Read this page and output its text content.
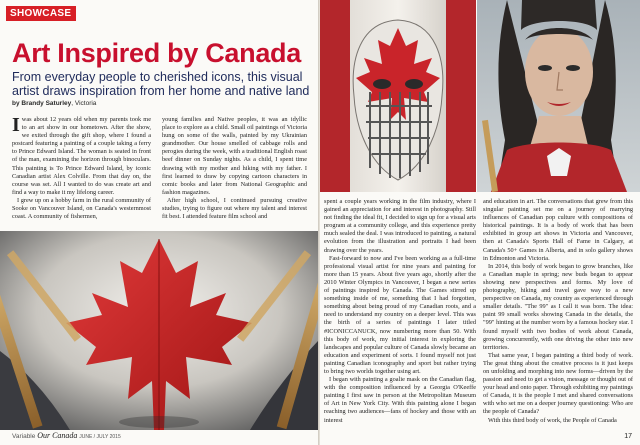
SHOWCASE
Art Inspired by Canada

From everyday people to cherished icons, this visual artist draws inspiration from her home and native land

by Brandy Saturley, Victoria

I was about 12 years old when my parents took me to an art show in our hometown. After the show, we exited through the gift shop, where I found a postcard featuring a painting of a couple taking a ferry to Prince Edward Island. The woman is seated in front of the man, examining the horizon through binoculars. This painting is To Prince Edward Island, by iconic Canadian artist Alex Colville. From that day on, the course was set. All I wanted to do was create art and find a way to make it my lifelong career.

I grew up on a hobby farm in the rural community of Sooke on Vancouver Island, on Canada's westernmost coast. A community of fishermen,

young families and Native peoples, it was an idyllic place to explore as a child. Small oil paintings of Victoria hung on some of the walls, painted by my Ukrainian grandmother. Our house smelled of cabbage rolls and perogies during the week, with a traditional English roast beef dinner on Sunday nights. As a child, I spent time drawing with my mother and hiking with my father. I first learned to draw by copying cartoon characters in comic books and later from National Geographic and fashion magazines.

After high school, I continued pursuing creative studies, trying to figure out where my talent and interest fit best. I attended feature film school and

Variable Our Canada JUNE / JULY 2015

spent a couple years working in the film industry, where I gained an appreciation for and interest in photography. Still not finding the ideal fit, I decided to sign up for a visual arts program at a community college, and this experience pretty much sealed the deal. I was introduced to painting, a natural evolution from the illustration and portraits I had been drawing over the years.

Fast-forward to now and I've been working as a full-time professional visual artist for nine years and painting for more than 15 years. About five years ago, shortly after the 2010 Winter Olympics in Vancouver, I began a new series of paintings inspired by Canada. The Games stirred up something inside of me, something that I had forgotten, something about being proud of my Canadian roots, and a need to understand my country on a deeper level. This was the birth of a series of paintings I later titled #ICONICCANUCK, now numbering more than 50. With this body of work, my initial interest in exploring the landscapes and popular culture of Canada slowly became an education and experiment of sorts. I found myself not just painting Canadian iconography and sport but rather trying to bring two worlds together using art.

I began with painting a goalie mask on the Canadian flag, with the composition influenced by a Georgia O'Keeffe painting I first saw in person at the Metropolitan Museum of Art in New York City. With this painting alone I began reaching two audiences—fans of hockey and those with an interest

and education in art. The conversations that grew from this singular painting set me on a journey of marrying influences of Canadian pop culture with compositions of historical paintings. It is a body of work that has been exhibited in group art shows in Victoria and Vancouver, then at Canada's Sports Hall of Fame in Calgary, at Canada's 50+ Games in Alberta, and in solo gallery shows in Edmonton and Victoria.

In 2014, this body of work began to grow branches, like a Canadian maple in spring; new buds began to appear showing new perspectives and forms. My love of photography, hiking and travel gave way to a new perspective on Canada, my country as experienced through smaller details. "The 99" as I call it was born. The idea: paint 99 small works showing Canada in the details, the "99" hinting at the number worn by a famous hockey star. I found myself with two bodies of work about Canada, growing concurrently, with one driving the other into new territories.

That same year, I began painting a third body of work. The great thing about the creative process is it just keeps on unfolding and morphing into new forms—driven by the passion and need to get a vision, message or thought out of your head and onto paper. Through exhibiting my paintings of Canada, it is the people I met and shared conversations with who set me on a deeper journey questioning: Who are the people of Canada?

With this third body of work, the People of Canada

17
